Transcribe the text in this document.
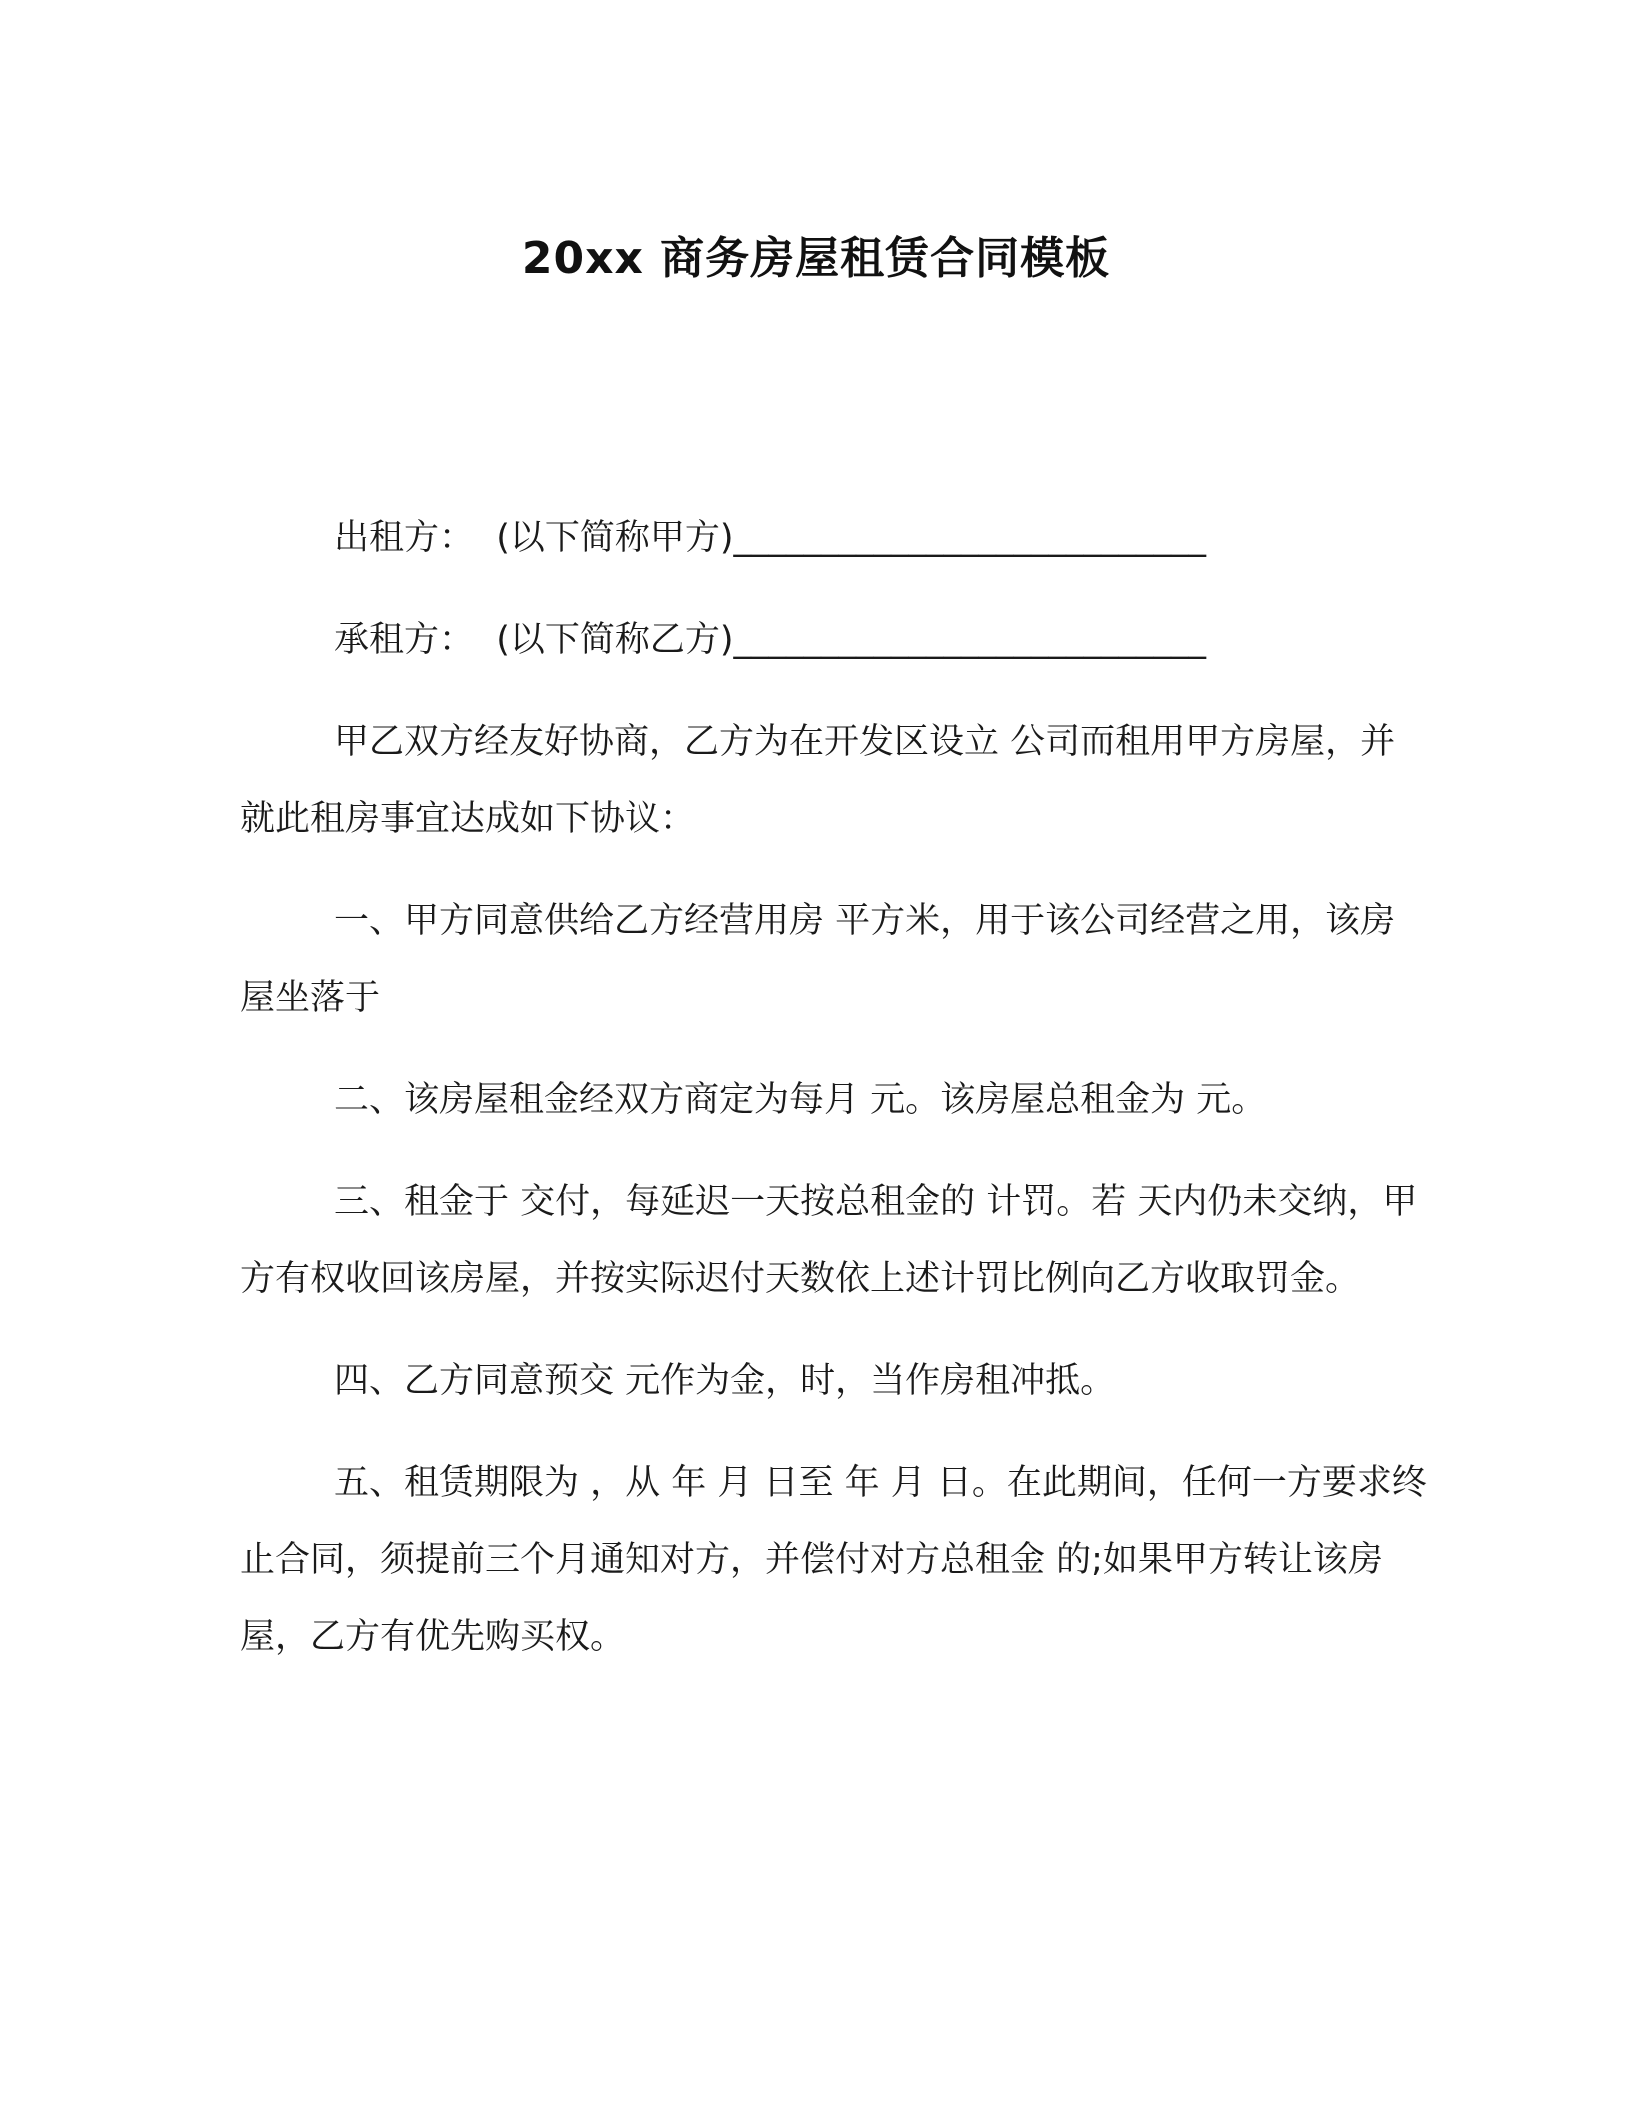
20xx 商务房屋租赁合同模板

出租方：  (以下简称甲方)___________________________

承租方：  (以下简称乙方)___________________________

甲乙双方经友好协商，乙方为在开发区设立 公司而租用甲方房屋，并就此租房事宜达成如下协议：

一、甲方同意供给乙方经营用房 平方米，用于该公司经营之用，该房屋坐落于

二、该房屋租金经双方商定为每月 元。该房屋总租金为 元。

三、租金于 交付，每延迟一天按总租金的 计罚。若 天内仍未交纳，甲方有权收回该房屋，并按实际迟付天数依上述计罚比例向乙方收取罚金。

四、乙方同意预交 元作为金，时，当作房租冲抵。

五、租赁期限为 ，从 年 月 日至 年 月 日。在此期间，任何一方要求终止合同，须提前三个月通知对方，并偿付对方总租金 的;如果甲方转让该房屋，乙方有优先购买权。
